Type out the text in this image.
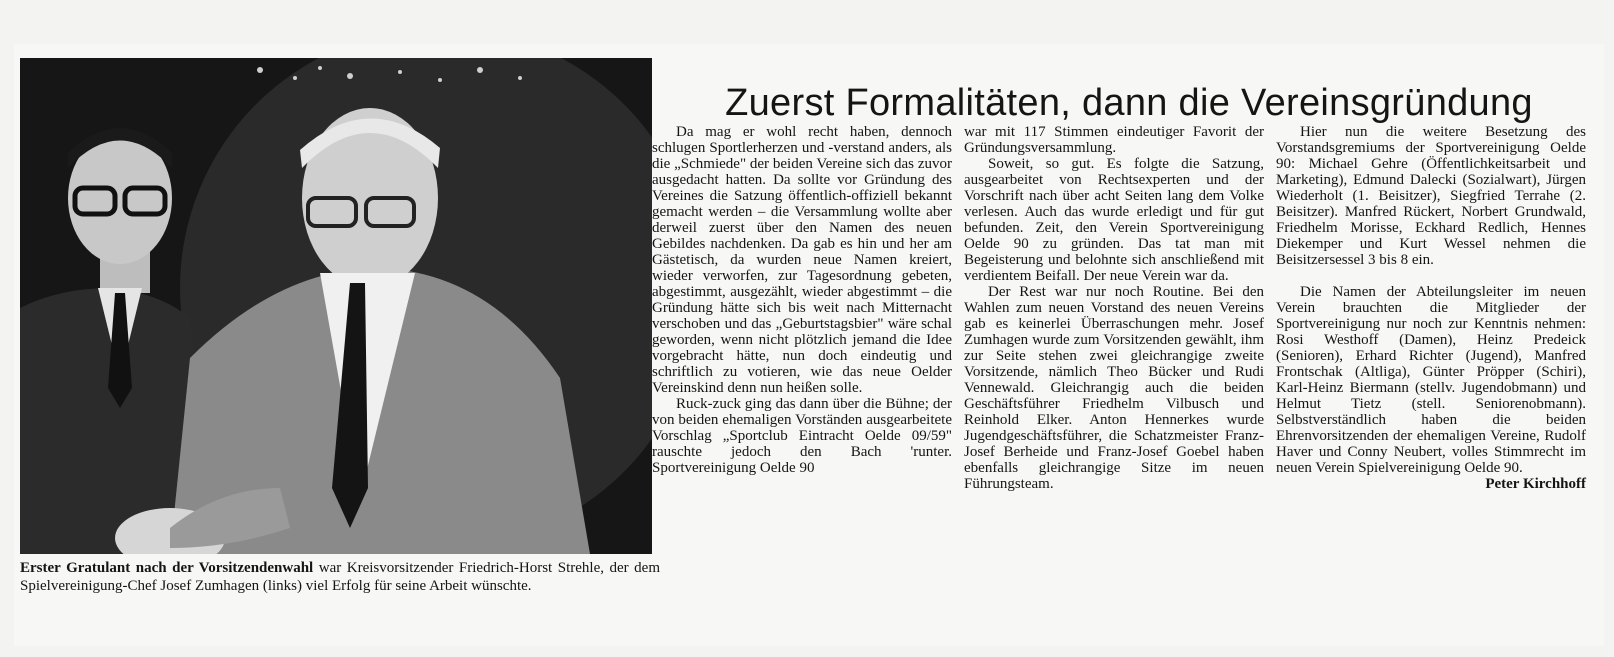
Erster Gratulant nach der Vorsitzendenwahl war Kreisvorsitzender Friedrich-Horst Strehle, der dem Spielvereinigung-Chef Josef Zumhagen (links) viel Erfolg für seine Arbeit wünschte.
Zuerst Formalitäten, dann die Vereinsgründung

Da mag er wohl recht haben, dennoch schlugen Sportlerherzen und -verstand anders, als die „Schmiede" der beiden Vereine sich das zuvor ausgedacht hatten. Da sollte vor Gründung des Vereines die Satzung öffentlich-offiziell bekannt gemacht werden – die Versammlung wollte aber derweil zuerst über den Namen des neuen Gebildes nachdenken. Da gab es hin und her am Gästetisch, da wurden neue Namen kreiert, wieder verworfen, zur Tagesordnung gebeten, abgestimmt, ausgezählt, wieder abgestimmt – die Gründung hätte sich bis weit nach Mitternacht verschoben und das „Geburtstagsbier" wäre schal geworden, wenn nicht plötzlich jemand die Idee vorgebracht hätte, nun doch eindeutig und schriftlich zu votieren, wie das neue Oelder Vereinskind denn nun heißen solle.

Ruck-zuck ging das dann über die Bühne; der von beiden ehemaligen Vorständen ausgearbeitete Vorschlag „Sportclub Eintracht Oelde 09/59" rauschte jedoch den Bach 'runter. Sportvereinigung Oelde 90

war mit 117 Stimmen eindeutiger Favorit der Gründungsversammlung.

Soweit, so gut. Es folgte die Satzung, ausgearbeitet von Rechtsexperten und der Vorschrift nach über acht Seiten lang dem Volke verlesen. Auch das wurde erledigt und für gut befunden. Zeit, den Verein Sportvereinigung Oelde 90 zu gründen. Das tat man mit Begeisterung und belohnte sich anschließend mit verdientem Beifall. Der neue Verein war da.

Der Rest war nur noch Routine. Bei den Wahlen zum neuen Vorstand des neuen Vereins gab es keinerlei Überraschungen mehr. Josef Zumhagen wurde zum Vorsitzenden gewählt, ihm zur Seite stehen zwei gleichrangige zweite Vorsitzende, nämlich Theo Bücker und Rudi Vennewald. Gleichrangig auch die beiden Geschäftsführer Friedhelm Vilbusch und Reinhold Elker. Anton Hennerkes wurde Jugendgeschäftsführer, die Schatzmeister Franz-Josef Berheide und Franz-Josef Goebel haben ebenfalls gleichrangige Sitze im neuen Führungsteam.

Hier nun die weitere Besetzung des Vorstandsgremiums der Sportvereinigung Oelde 90: Michael Gehre (Öffentlichkeitsarbeit und Marketing), Edmund Dalecki (Sozialwart), Jürgen Wiederholt (1. Beisitzer), Siegfried Terrahe (2. Beisitzer). Manfred Rückert, Norbert Grundwald, Friedhelm Morisse, Eckhard Redlich, Hennes Diekemper und Kurt Wessel nehmen die Beisitzersessel 3 bis 8 ein.

Die Namen der Abteilungsleiter im neuen Verein brauchten die Mitglieder der Sportvereinigung nur noch zur Kenntnis nehmen: Rosi Westhoff (Damen), Heinz Predeick (Senioren), Erhard Richter (Jugend), Manfred Frontschak (Altliga), Günter Pröpper (Schiri), Karl-Heinz Biermann (stellv. Jugendobmann) und Helmut Tietz (stell. Seniorenobmann). Selbstverständlich haben die beiden Ehrenvorsitzenden der ehemaligen Vereine, Rudolf Haver und Conny Neubert, volles Stimmrecht im neuen Verein Spielvereinigung Oelde 90.

Peter Kirchhoff
